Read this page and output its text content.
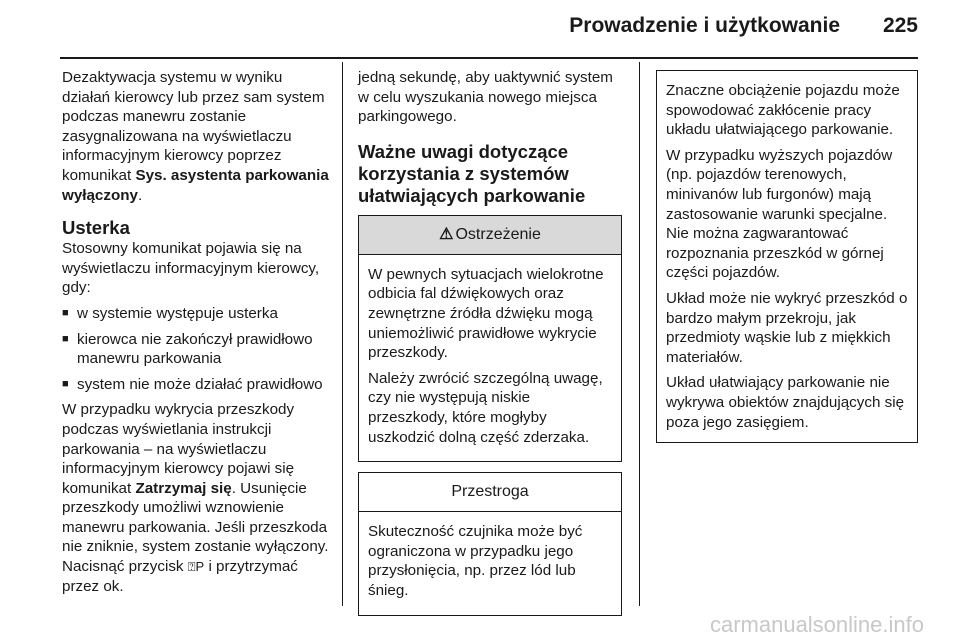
Prowadzenie i użytkowanie 225

Dezaktywacja systemu w wyniku działań kierowcy lub przez sam system podczas manewru zostanie zasygnalizowana na wyświetlaczu informacyjnym kierowcy poprzez komunikat Sys. asystenta parkowania wyłączony.

Usterka

Stosowny komunikat pojawia się na wyświetlaczu informacyjnym kierowcy, gdy:

■ w systemie występuje usterka
■ kierowca nie zakończył prawidłowo manewru parkowania
■ system nie może działać prawidłowo

W przypadku wykrycia przeszkody podczas wyświetlania instrukcji parkowania – na wyświetlaczu informacyjnym kierowcy pojawi się komunikat Zatrzymaj się. Usunięcie przeszkody umożliwi wznowienie manewru parkowania. Jeśli przeszkoda nie zniknie, system zostanie wyłączony. Nacisnąć przycisk ⍰P i przytrzymać przez ok.

jedną sekundę, aby uaktywnić system w celu wyszukania nowego miejsca parkingowego.

Ważne uwagi dotyczące korzystania z systemów ułatwiających parkowanie
⚠ Ostrzeżenie

W pewnych sytuacjach wielokrotne odbicia fal dźwiękowych oraz zewnętrzne źródła dźwięku mogą uniemożliwić prawidłowe wykrycie przeszkody.

Należy zwrócić szczególną uwagę, czy nie występują niskie przeszkody, które mogłyby uszkodzić dolną część zderzaka.

Przestroga

Skuteczność czujnika może być ograniczona w przypadku jego przysłonięcia, np. przez lód lub śnieg.

Znaczne obciążenie pojazdu może spowodować zakłócenie pracy układu ułatwiającego parkowanie.

W przypadku wyższych pojazdów (np. pojazdów terenowych, minivanów lub furgonów) mają zastosowanie warunki specjalne. Nie można zagwarantować rozpoznania przeszkód w górnej części pojazdów.

Układ może nie wykryć przeszkód o bardzo małym przekroju, jak przedmioty wąskie lub z miękkich materiałów.

Układ ułatwiający parkowanie nie wykrywa obiektów znajdujących się poza jego zasięgiem.

carmanualsonline.info
